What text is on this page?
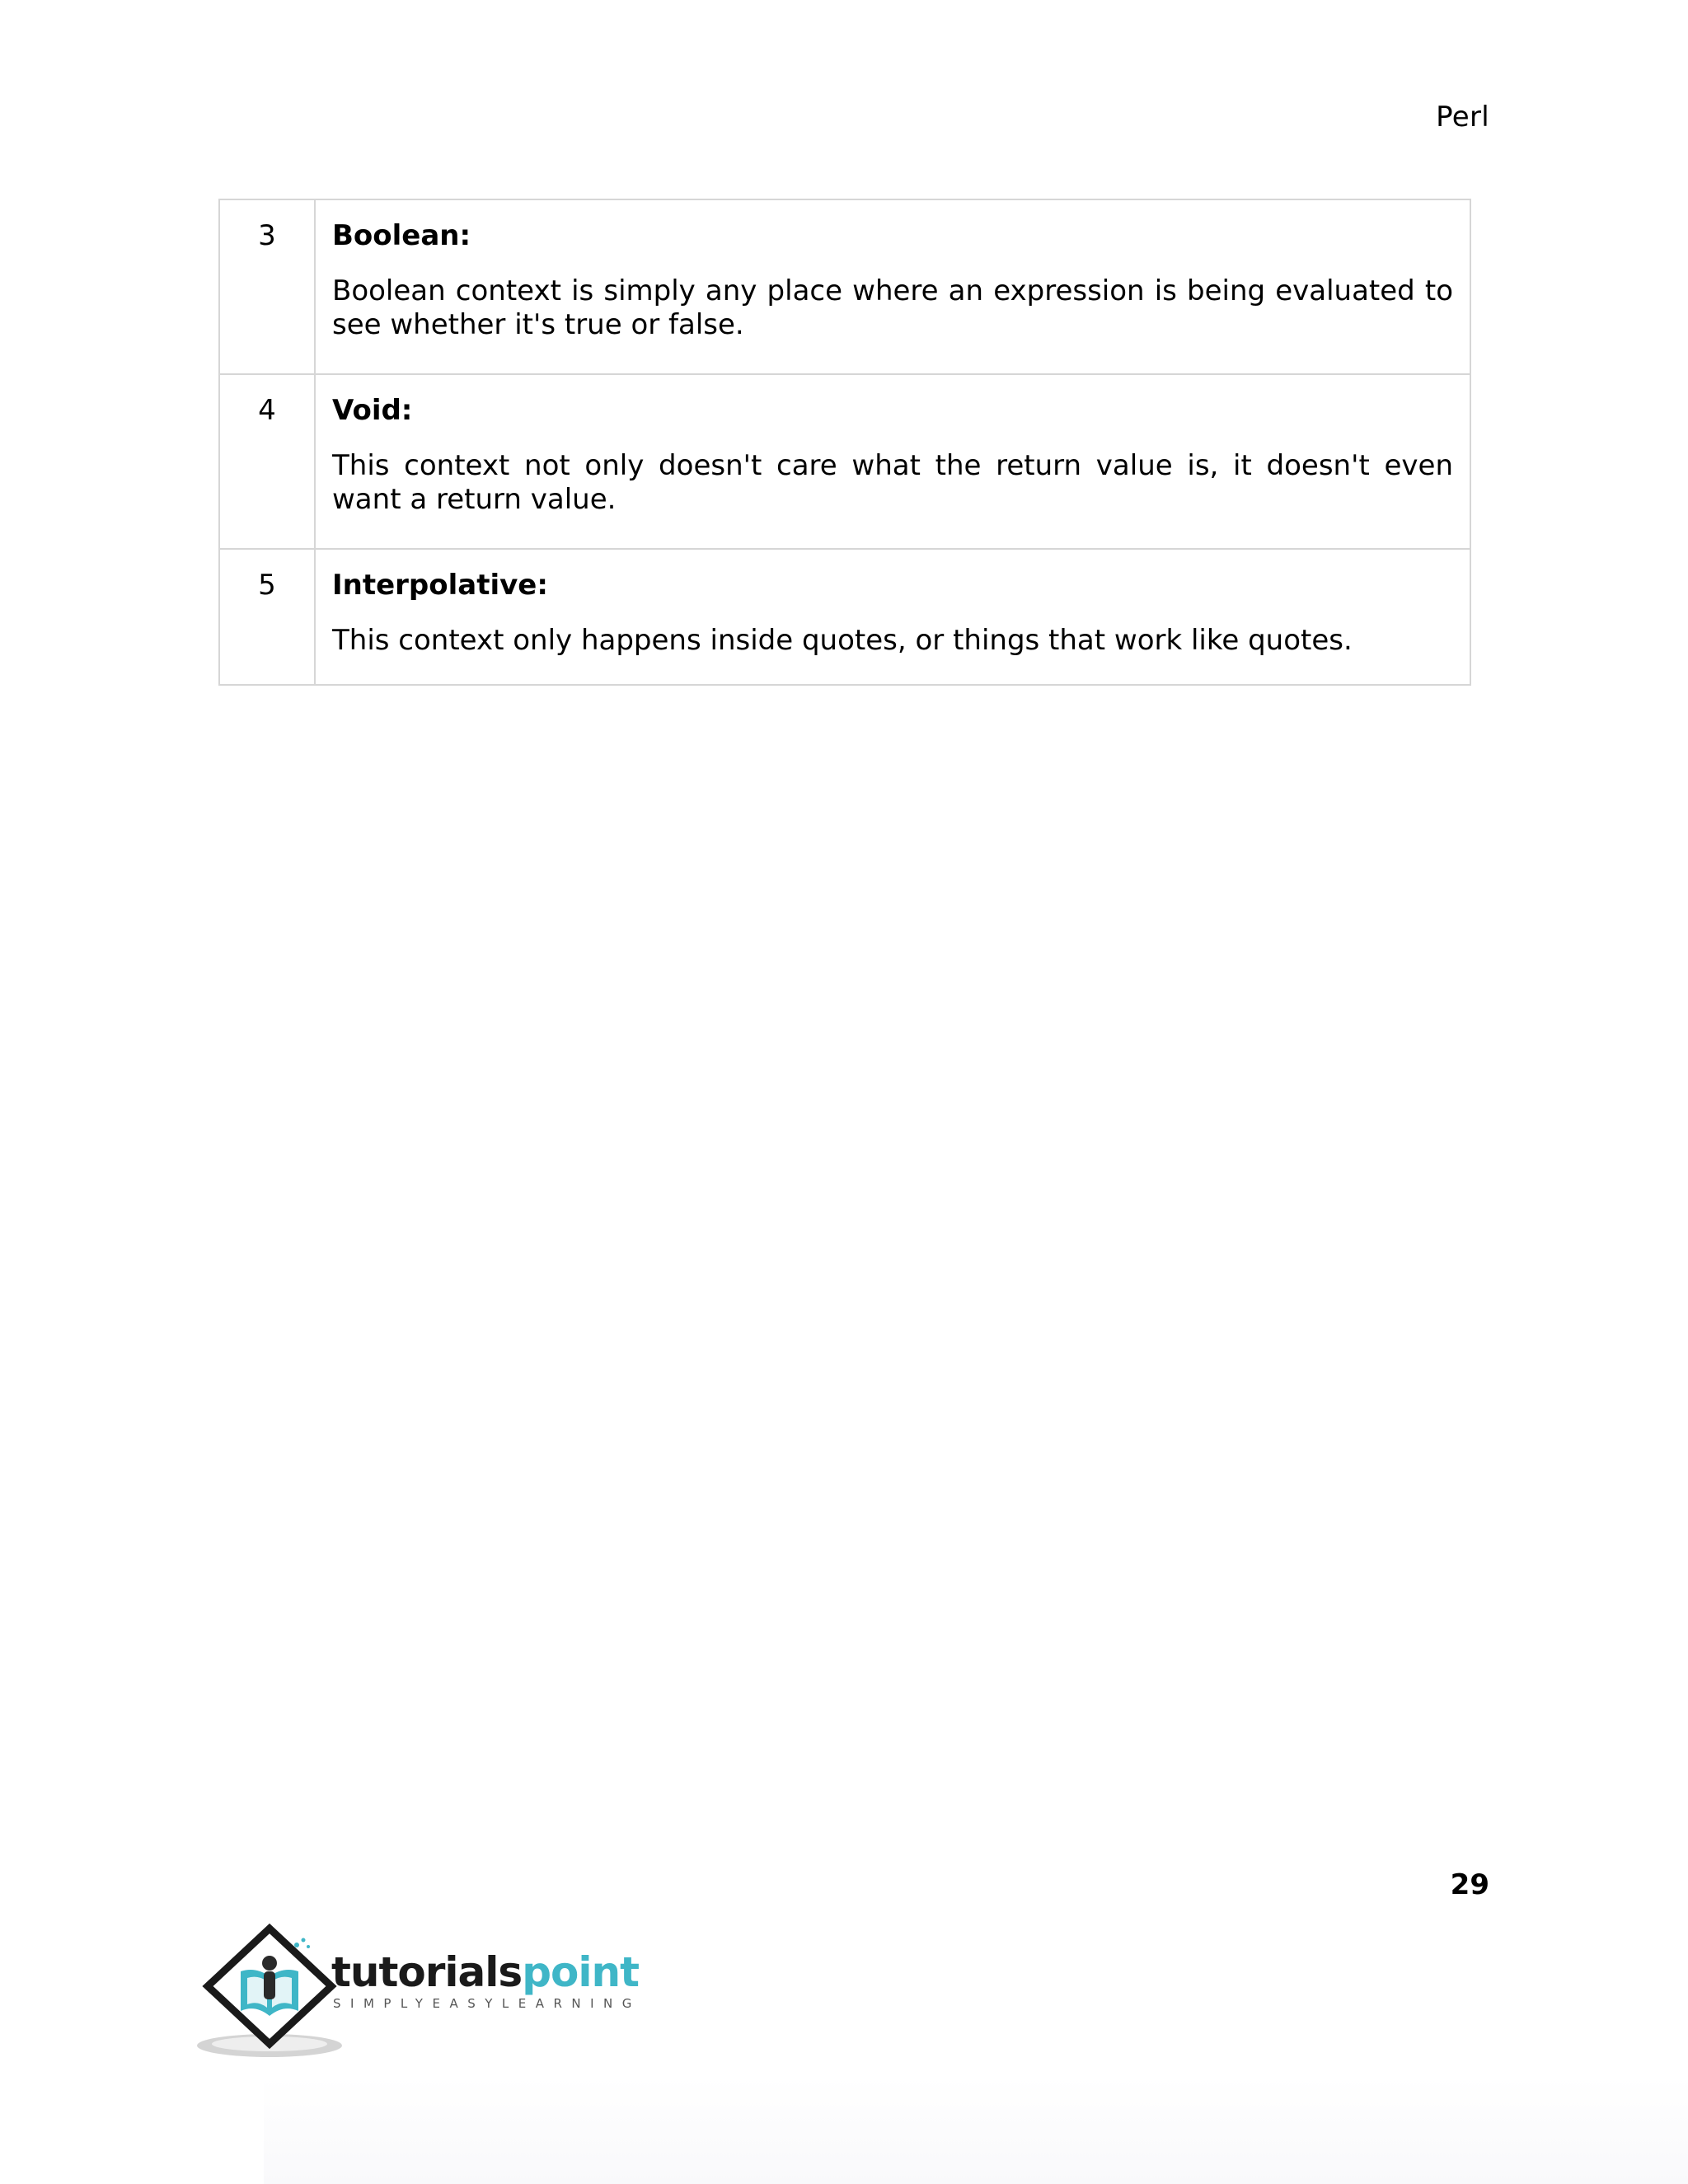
Perl
3	Boolean:

Boolean context is simply any place where an expression is being evaluated to see whether it's true or false.

4	Void:

This context not only doesn't care what the return value is, it doesn't even want a return value.

5	Interpolative:

This context only happens inside quotes, or things that work like quotes.

29
tutorialspoint
SIMPLYEASYLEARNING
